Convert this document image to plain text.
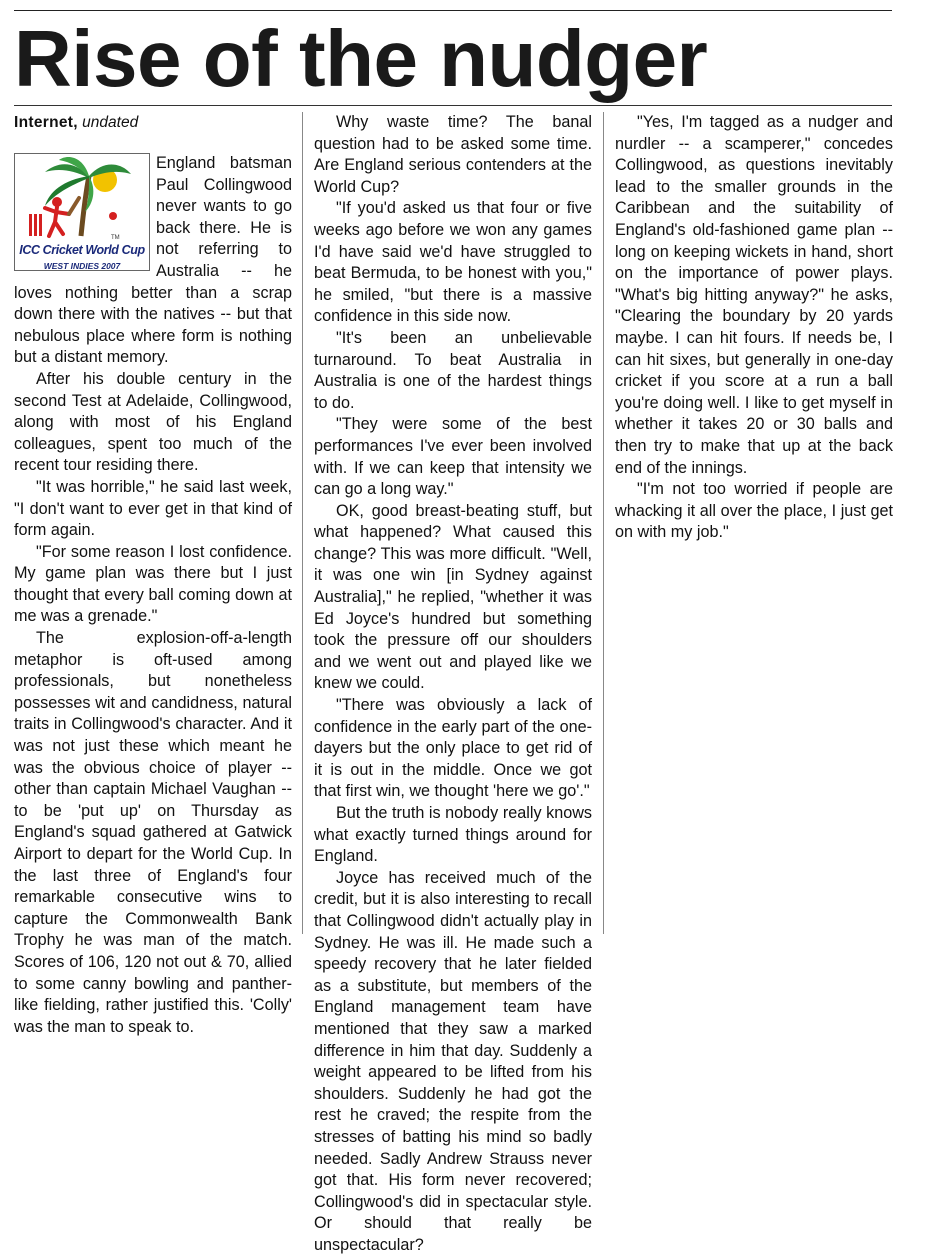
Rise of the nudger
Internet, undated
TM
ICC Cricket World Cup
WEST INDIES 2007

England batsman Paul Collingwood never wants to go back there. He is not referring to Australia -- he loves nothing better than a scrap down there with the natives -- but that nebulous place where form is nothing but a distant memory.

After his double century in the second Test at Adelaide, Collingwood, along with most of his England colleagues, spent too much of the recent tour residing there.

"It was horrible," he said last week, "I don't want to ever get in that kind of form again.

"For some reason I lost confidence. My game plan was there but I just thought that every ball coming down at me was a grenade."

The explosion-off-a-length metaphor is oft-used among professionals, but nonetheless possesses wit and candidness, natural traits in Collingwood's character. And it was not just these which meant he was the obvious choice of player -- other than captain Michael Vaughan -- to be 'put up' on Thursday as England's squad gathered at Gatwick Airport to depart for the World Cup. In the last three of England's four remarkable consecutive wins to capture the Commonwealth Bank Trophy he was man of the match. Scores of 106, 120 not out & 70, allied to some canny bowling and panther-like fielding, rather justified this. 'Colly' was the man to speak to.

Why waste time? The banal question had to be asked some time. Are England serious contenders at the World Cup?

"If you'd asked us that four or five weeks ago before we won any games I'd have said we'd have struggled to beat Bermuda, to be honest with you," he smiled, "but there is a massive confidence in this side now.

"It's been an unbelievable turnaround. To beat Australia in Australia is one of the hardest things to do.

"They were some of the best performances I've ever been involved with. If we can keep that intensity we can go a long way."

OK, good breast-beating stuff, but what happened? What caused this change? This was more difficult. "Well, it was one win [in Sydney against Australia]," he replied, "whether it was Ed Joyce's hundred but something took the pressure off our shoulders and we went out and played like we knew we could.

"There was obviously a lack of confidence in the early part of the one-dayers but the only place to get rid of it is out in the middle. Once we got that first win, we thought 'here we go'."

But the truth is nobody really knows what exactly turned things around for England.

Joyce has received much of the credit, but it is also interesting to recall that Collingwood didn't actually play in Sydney. He was ill. He made such a speedy recovery that he later fielded as a substitute, but members of the England management team have mentioned that they saw a marked difference in him that day. Suddenly a weight appeared to be lifted from his shoulders. Suddenly he had got the rest he craved; the respite from the stresses of batting his mind so badly needed. Sadly Andrew Strauss never got that. His form never recovered; Collingwood's did in spectacular style. Or should that really be unspectacular?

"Yes, I'm tagged as a nudger and nurdler -- a scamperer," concedes Collingwood, as questions inevitably lead to the smaller grounds in the Caribbean and the suitability of England's old-fashioned game plan -- long on keeping wickets in hand, short on the importance of power plays. "What's big hitting anyway?" he asks, "Clearing the boundary by 20 yards maybe. I can hit fours. If needs be, I can hit sixes, but generally in one-day cricket if you score at a run a ball you're doing well. I like to get myself in whether it takes 20 or 30 balls and then try to make that up at the back end of the innings.

"I'm not too worried if people are whacking it all over the place, I just get on with my job."
